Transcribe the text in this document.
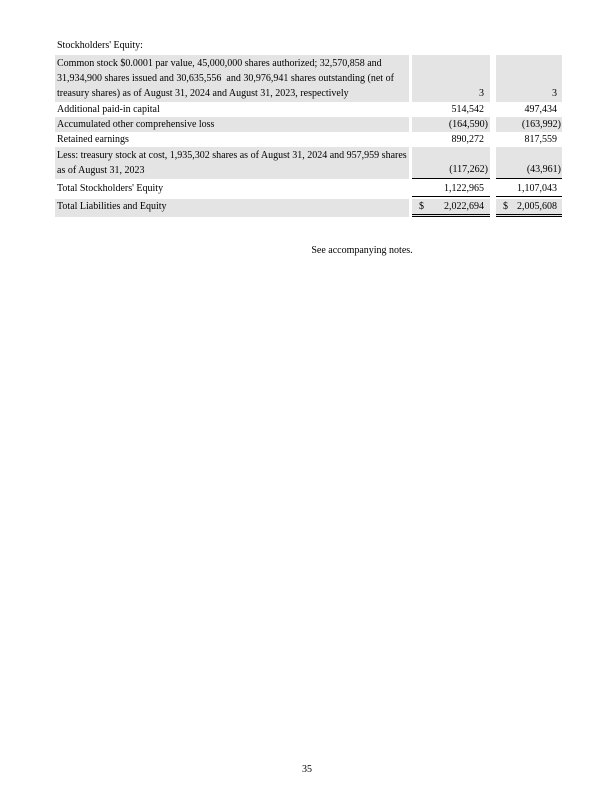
Stockholders' Equity:
Common stock $0.0001 par value, 45,000,000 shares authorized; 32,570,858 and
31,934,900 shares issued and 30,635,556  and 30,976,941 shares outstanding (net of
treasury shares) as of August 31, 2024 and August 31, 2023, respectively	3	3
Additional paid-in capital	514,542	497,434
Accumulated other comprehensive loss	(164,590)	(163,992)
Retained earnings	890,272	817,559
Less: treasury stock at cost, 1,935,302 shares as of August 31, 2024 and 957,959 shares
as of August 31, 2023	(117,262)	(43,961)
Total Stockholders' Equity	1,122,965	1,107,043
Total Liabilities and Equity	$ 2,022,694	$ 2,005,608
See accompanying notes.
35
